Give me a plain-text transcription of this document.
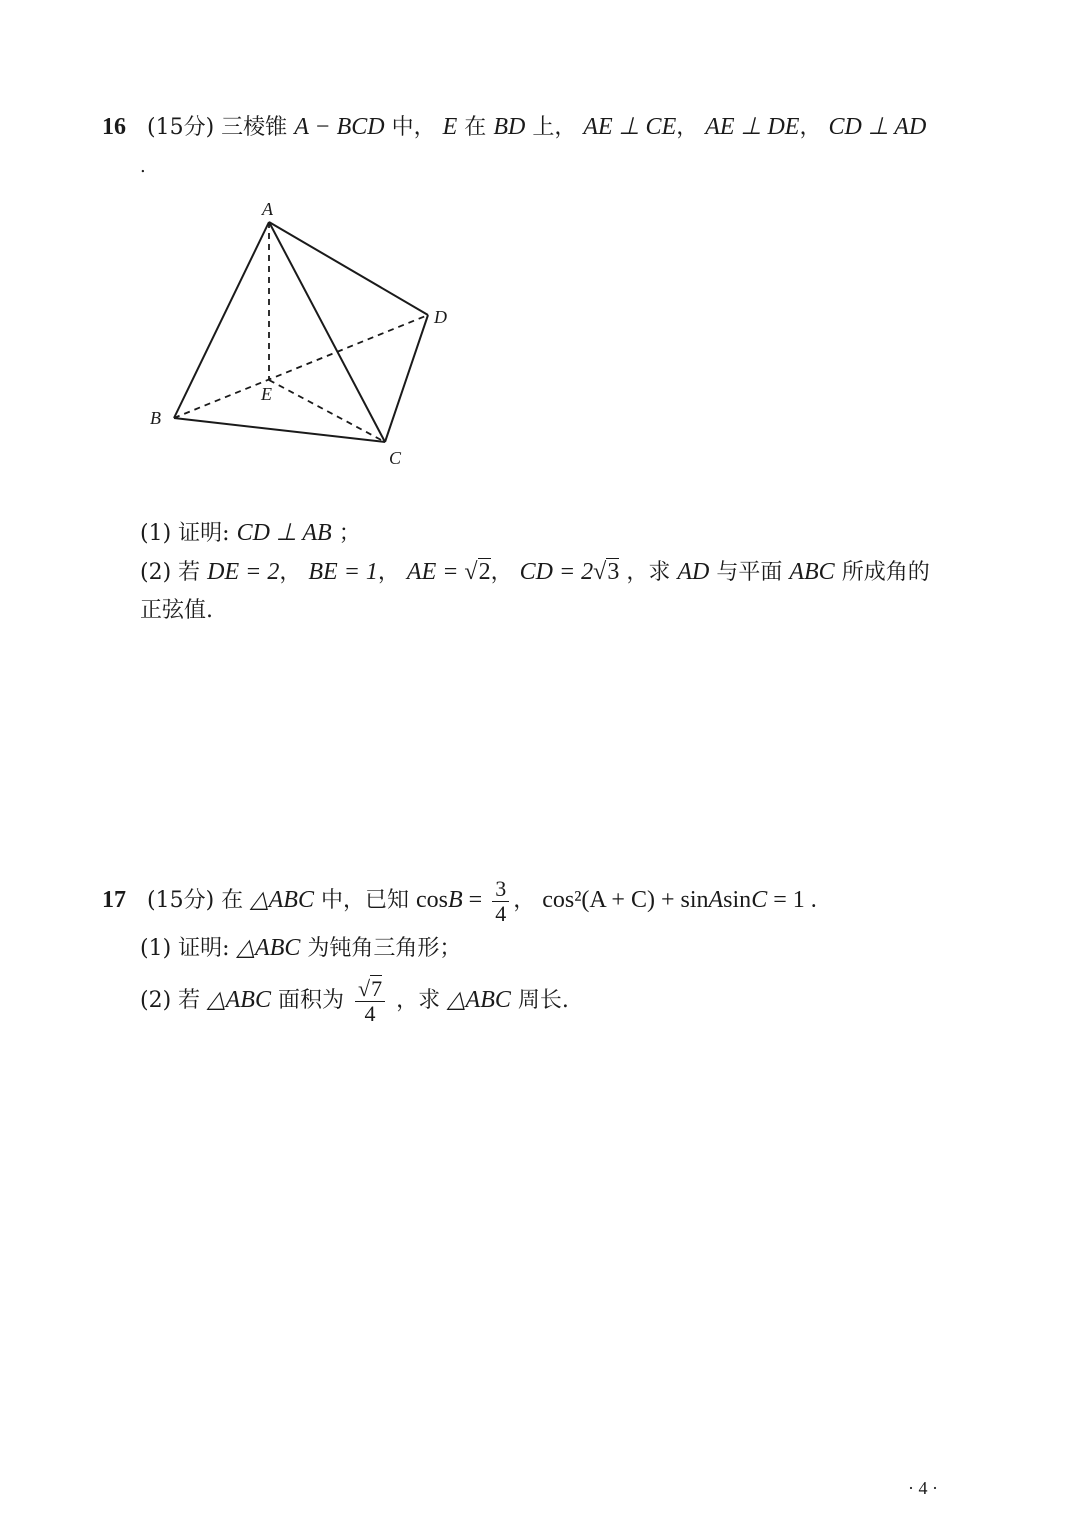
16 (15分) 三棱锥 A − BCD 中， E 在 BD 上， AE ⊥ CE， AE ⊥ DE， CD ⊥ AD
.
A
B
C
D
E
(1) 证明: CD ⊥ AB ；
(2) 若 DE = 2， BE = 1， AE = √2， CD = 2√3 ，求 AD 与平面 ABC 所成角的
正弦值.
17 (15分) 在 △ABC 中，已知 $\cos B = \frac{3}{4}$ ， cos²(A + C) + sinAsinC = 1 .
(1) 证明: △ABC 为钝角三角形；
(2) 若 △ABC 面积为 $\frac{√7}{4}$ ，求 △ABC 周长.
· 4 ·
